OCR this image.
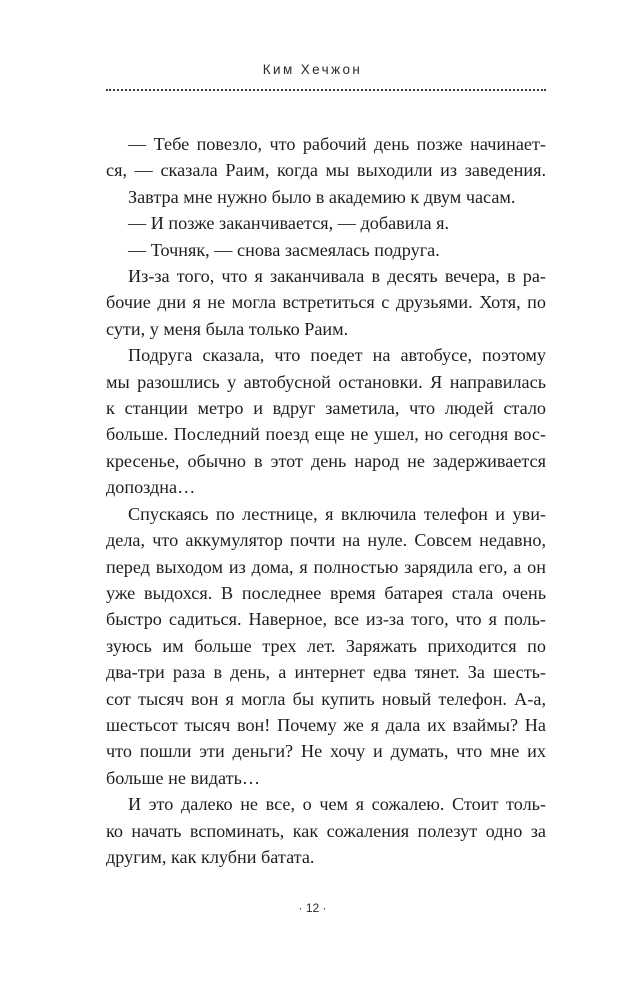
Ким Хечжон

— Тебе повезло, что рабочий день позже начинает-
ся, — сказала Раим, когда мы выходили из заведения.
Завтра мне нужно было в академию к двум часам.
— И позже заканчивается, — добавила я.
— Точняк, — снова засмеялась подруга.
Из-за того, что я заканчивала в десять вечера, в ра-
бочие дни я не могла встретиться с друзьями. Хотя, по
сути, у меня была только Раим.
Подруга сказала, что поедет на автобусе, поэтому
мы разошлись у автобусной остановки. Я направилась
к станции метро и вдруг заметила, что людей стало
больше. Последний поезд еще не ушел, но сегодня вос-
кресенье, обычно в этот день народ не задерживается
допоздна…
Спускаясь по лестнице, я включила телефон и уви-
дела, что аккумулятор почти на нуле. Совсем недавно,
перед выходом из дома, я полностью зарядила его, а он
уже выдохся. В последнее время батарея стала очень
быстро садиться. Наверное, все из-за того, что я поль-
зуюсь им больше трех лет. Заряжать приходится по
два-три раза в день, а интернет едва тянет. За шесть-
сот тысяч вон я могла бы купить новый телефон. А-а,
шестьсот тысяч вон! Почему же я дала их взаймы? На
что пошли эти деньги? Не хочу и думать, что мне их
больше не видать…
И это далеко не все, о чем я сожалею. Стоит толь-
ко начать вспоминать, как сожаления полезут одно за
другим, как клубни батата.

· 12 ·
